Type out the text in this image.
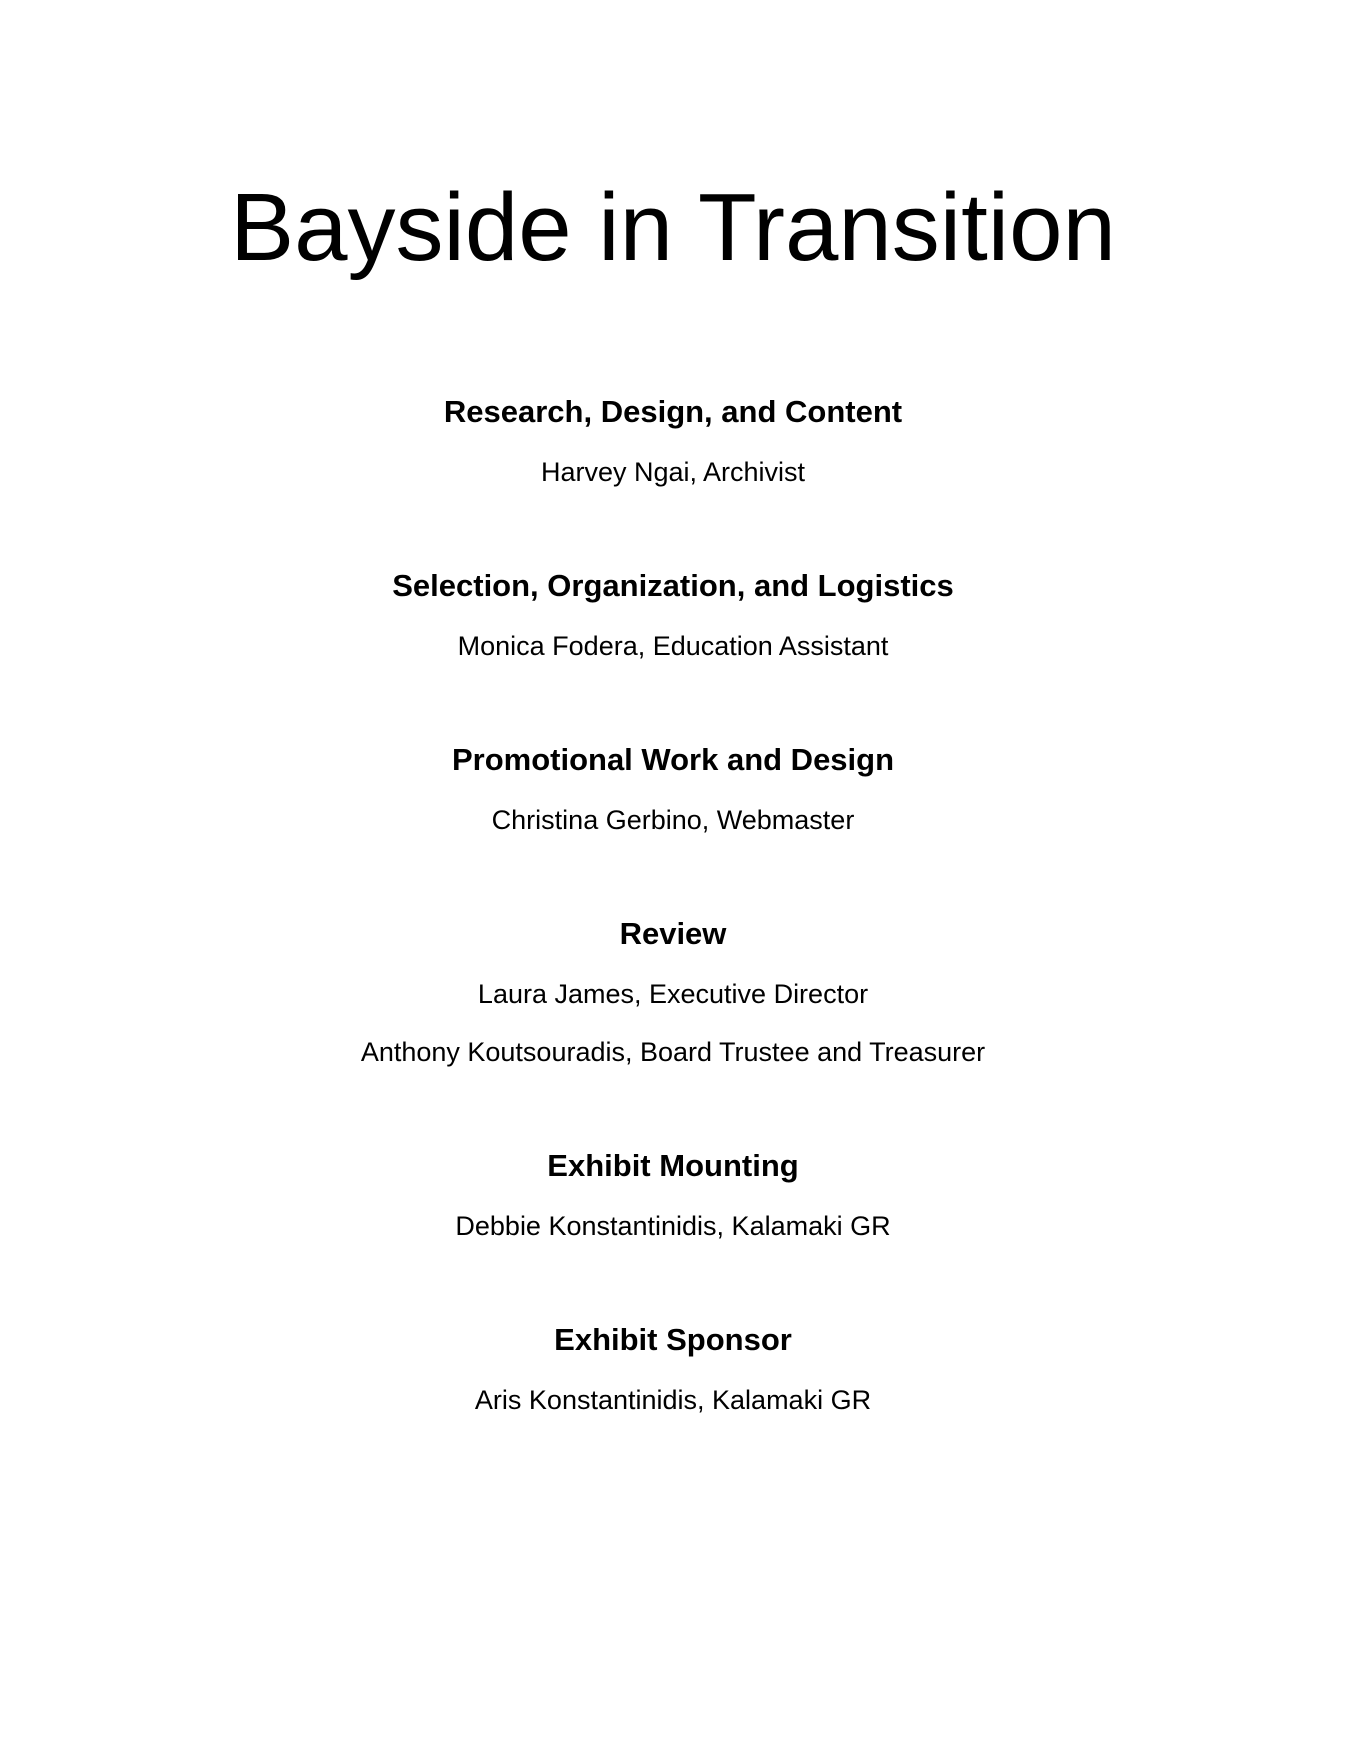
Bayside in Transition
Research, Design, and Content

Harvey Ngai, Archivist

Selection, Organization, and Logistics

Monica Fodera, Education Assistant

Promotional Work and Design

Christina Gerbino, Webmaster

Review

Laura James, Executive Director

Anthony Koutsouradis, Board Trustee and Treasurer

Exhibit Mounting

Debbie Konstantinidis, Kalamaki GR

Exhibit Sponsor

Aris Konstantinidis, Kalamaki GR
